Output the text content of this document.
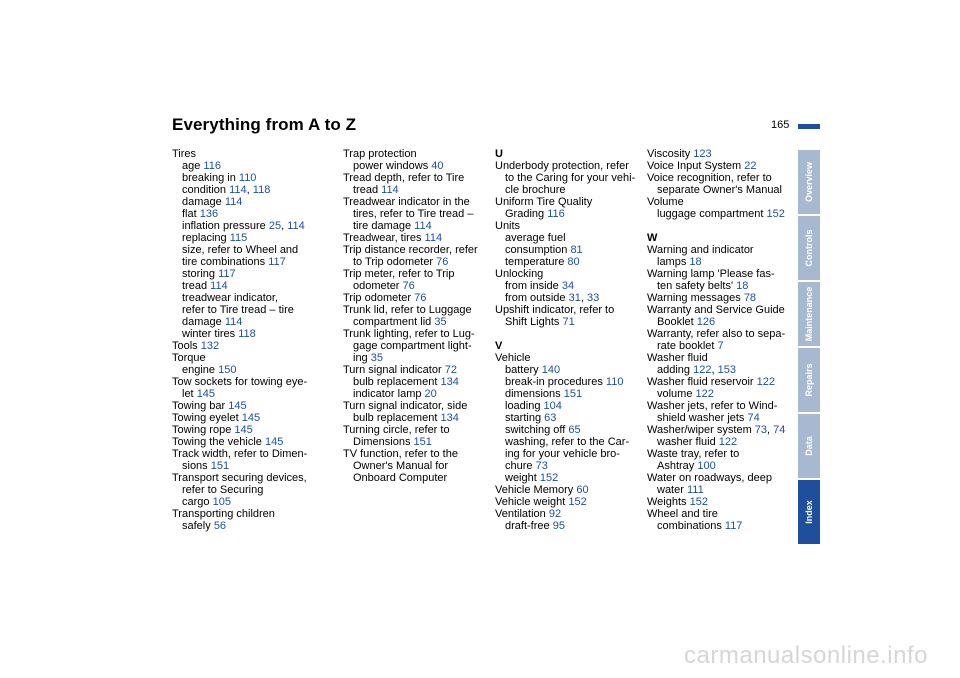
Everything from A to Z	165
Tires
age 116
breaking in 110
condition 114, 118
damage 114
flat 136
inflation pressure 25, 114
replacing 115
size, refer to Wheel and
tire combinations 117
storing 117
tread 114
treadwear indicator,
refer to Tire tread – tire
damage 114
winter tires 118
Tools 132
Torque
engine 150
Tow sockets for towing eye-
let 145
Towing bar 145
Towing eyelet 145
Towing rope 145
Towing the vehicle 145
Track width, refer to Dimen-
sions 151
Transport securing devices,
refer to Securing
cargo 105
Transporting children
safely 56
Trap protection
power windows 40
Tread depth, refer to Tire
tread 114
Treadwear indicator in the
tires, refer to Tire tread –
tire damage 114
Treadwear, tires 114
Trip distance recorder, refer
to Trip odometer 76
Trip meter, refer to Trip
odometer 76
Trip odometer 76
Trunk lid, refer to Luggage
compartment lid 35
Trunk lighting, refer to Lug-
gage compartment light-
ing 35
Turn signal indicator 72
bulb replacement 134
indicator lamp 20
Turn signal indicator, side
bulb replacement 134
Turning circle, refer to
Dimensions 151
TV function, refer to the
Owner's Manual for
Onboard Computer
U
Underbody protection, refer
to the Caring for your vehi-
cle brochure
Uniform Tire Quality
Grading 116
Units
average fuel
consumption 81
temperature 80
Unlocking
from inside 34
from outside 31, 33
Upshift indicator, refer to
Shift Lights 71
V
Vehicle
battery 140
break-in procedures 110
dimensions 151
loading 104
starting 63
switching off 65
washing, refer to the Car-
ing for your vehicle bro-
chure 73
weight 152
Vehicle Memory 60
Vehicle weight 152
Ventilation 92
draft-free 95
Viscosity 123
Voice Input System 22
Voice recognition, refer to
separate Owner's Manual
Volume
luggage compartment 152
W
Warning and indicator
lamps 18
Warning lamp 'Please fas-
ten safety belts' 18
Warning messages 78
Warranty and Service Guide
Booklet 126
Warranty, refer also to sepa-
rate booklet 7
Washer fluid
adding 122, 153
Washer fluid reservoir 122
volume 122
Washer jets, refer to Wind-
shield washer jets 74
Washer/wiper system 73, 74
washer fluid 122
Waste tray, refer to
Ashtray 100
Water on roadways, deep
water 111
Weights 152
Wheel and tire
combinations 117
Overview
Controls
Maintenance
Repairs
Data
Index
carmanualsonline.info
